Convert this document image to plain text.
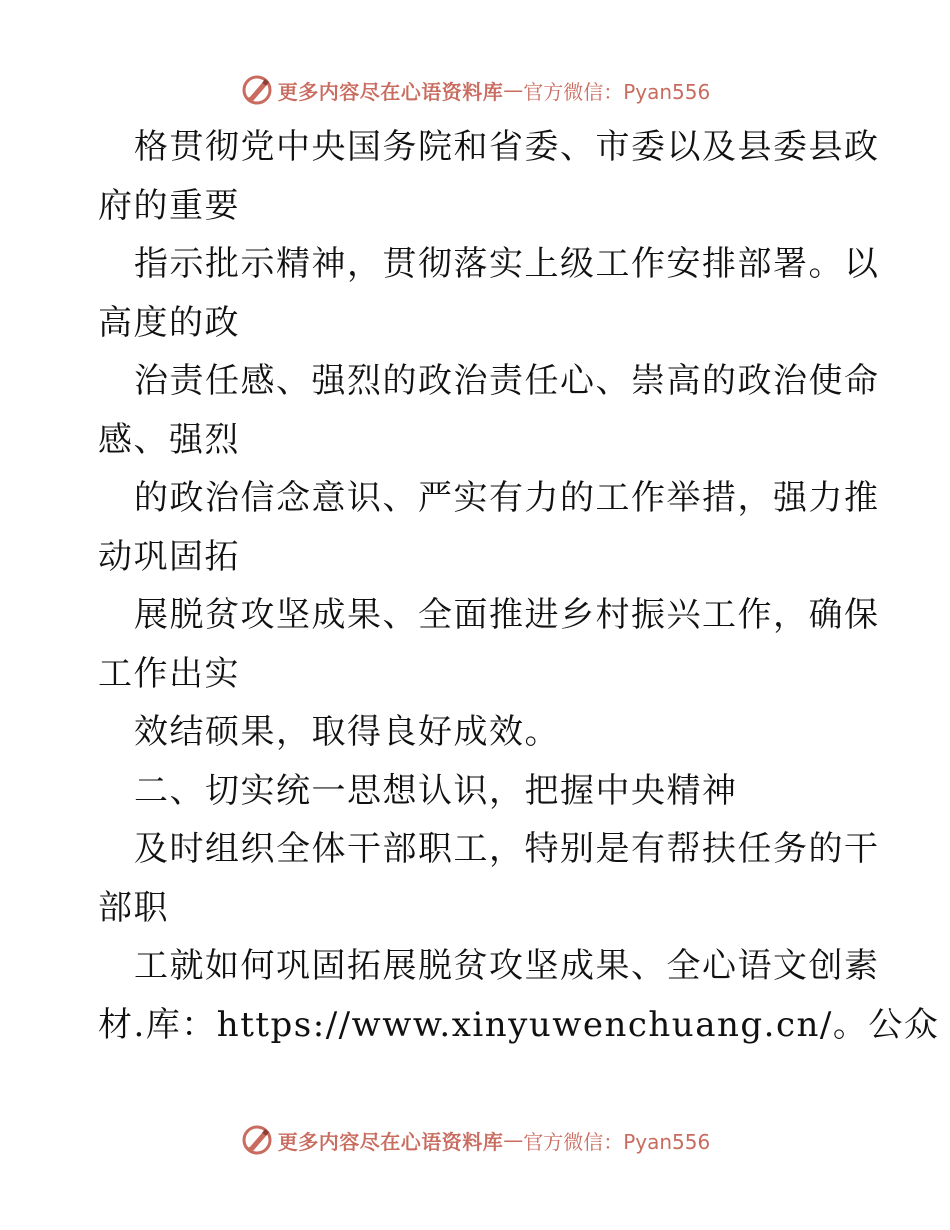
更多内容尽在心语资料库 — 官方微信：Pyan556
格贯彻党中央国务院和省委、市委以及县委县政
府的重要
指示批示精神，贯彻落实上级工作安排部署。以
高度的政
治责任感、强烈的政治责任心、崇高的政治使命
感、强烈
的政治信念意识、严实有力的工作举措，强力推
动巩固拓
展脱贫攻坚成果、全面推进乡村振兴工作，确保
工作出实
效结硕果，取得良好成效。
二、切实统一思想认识，把握中央精神
及时组织全体干部职工，特别是有帮扶任务的干
部职
工就如何巩固拓展脱贫攻坚成果、全心语文创素
材.库：https://www.xinyuwenchuang.cn/。公众
更多内容尽在心语资料库 — 官方微信：Pyan556
